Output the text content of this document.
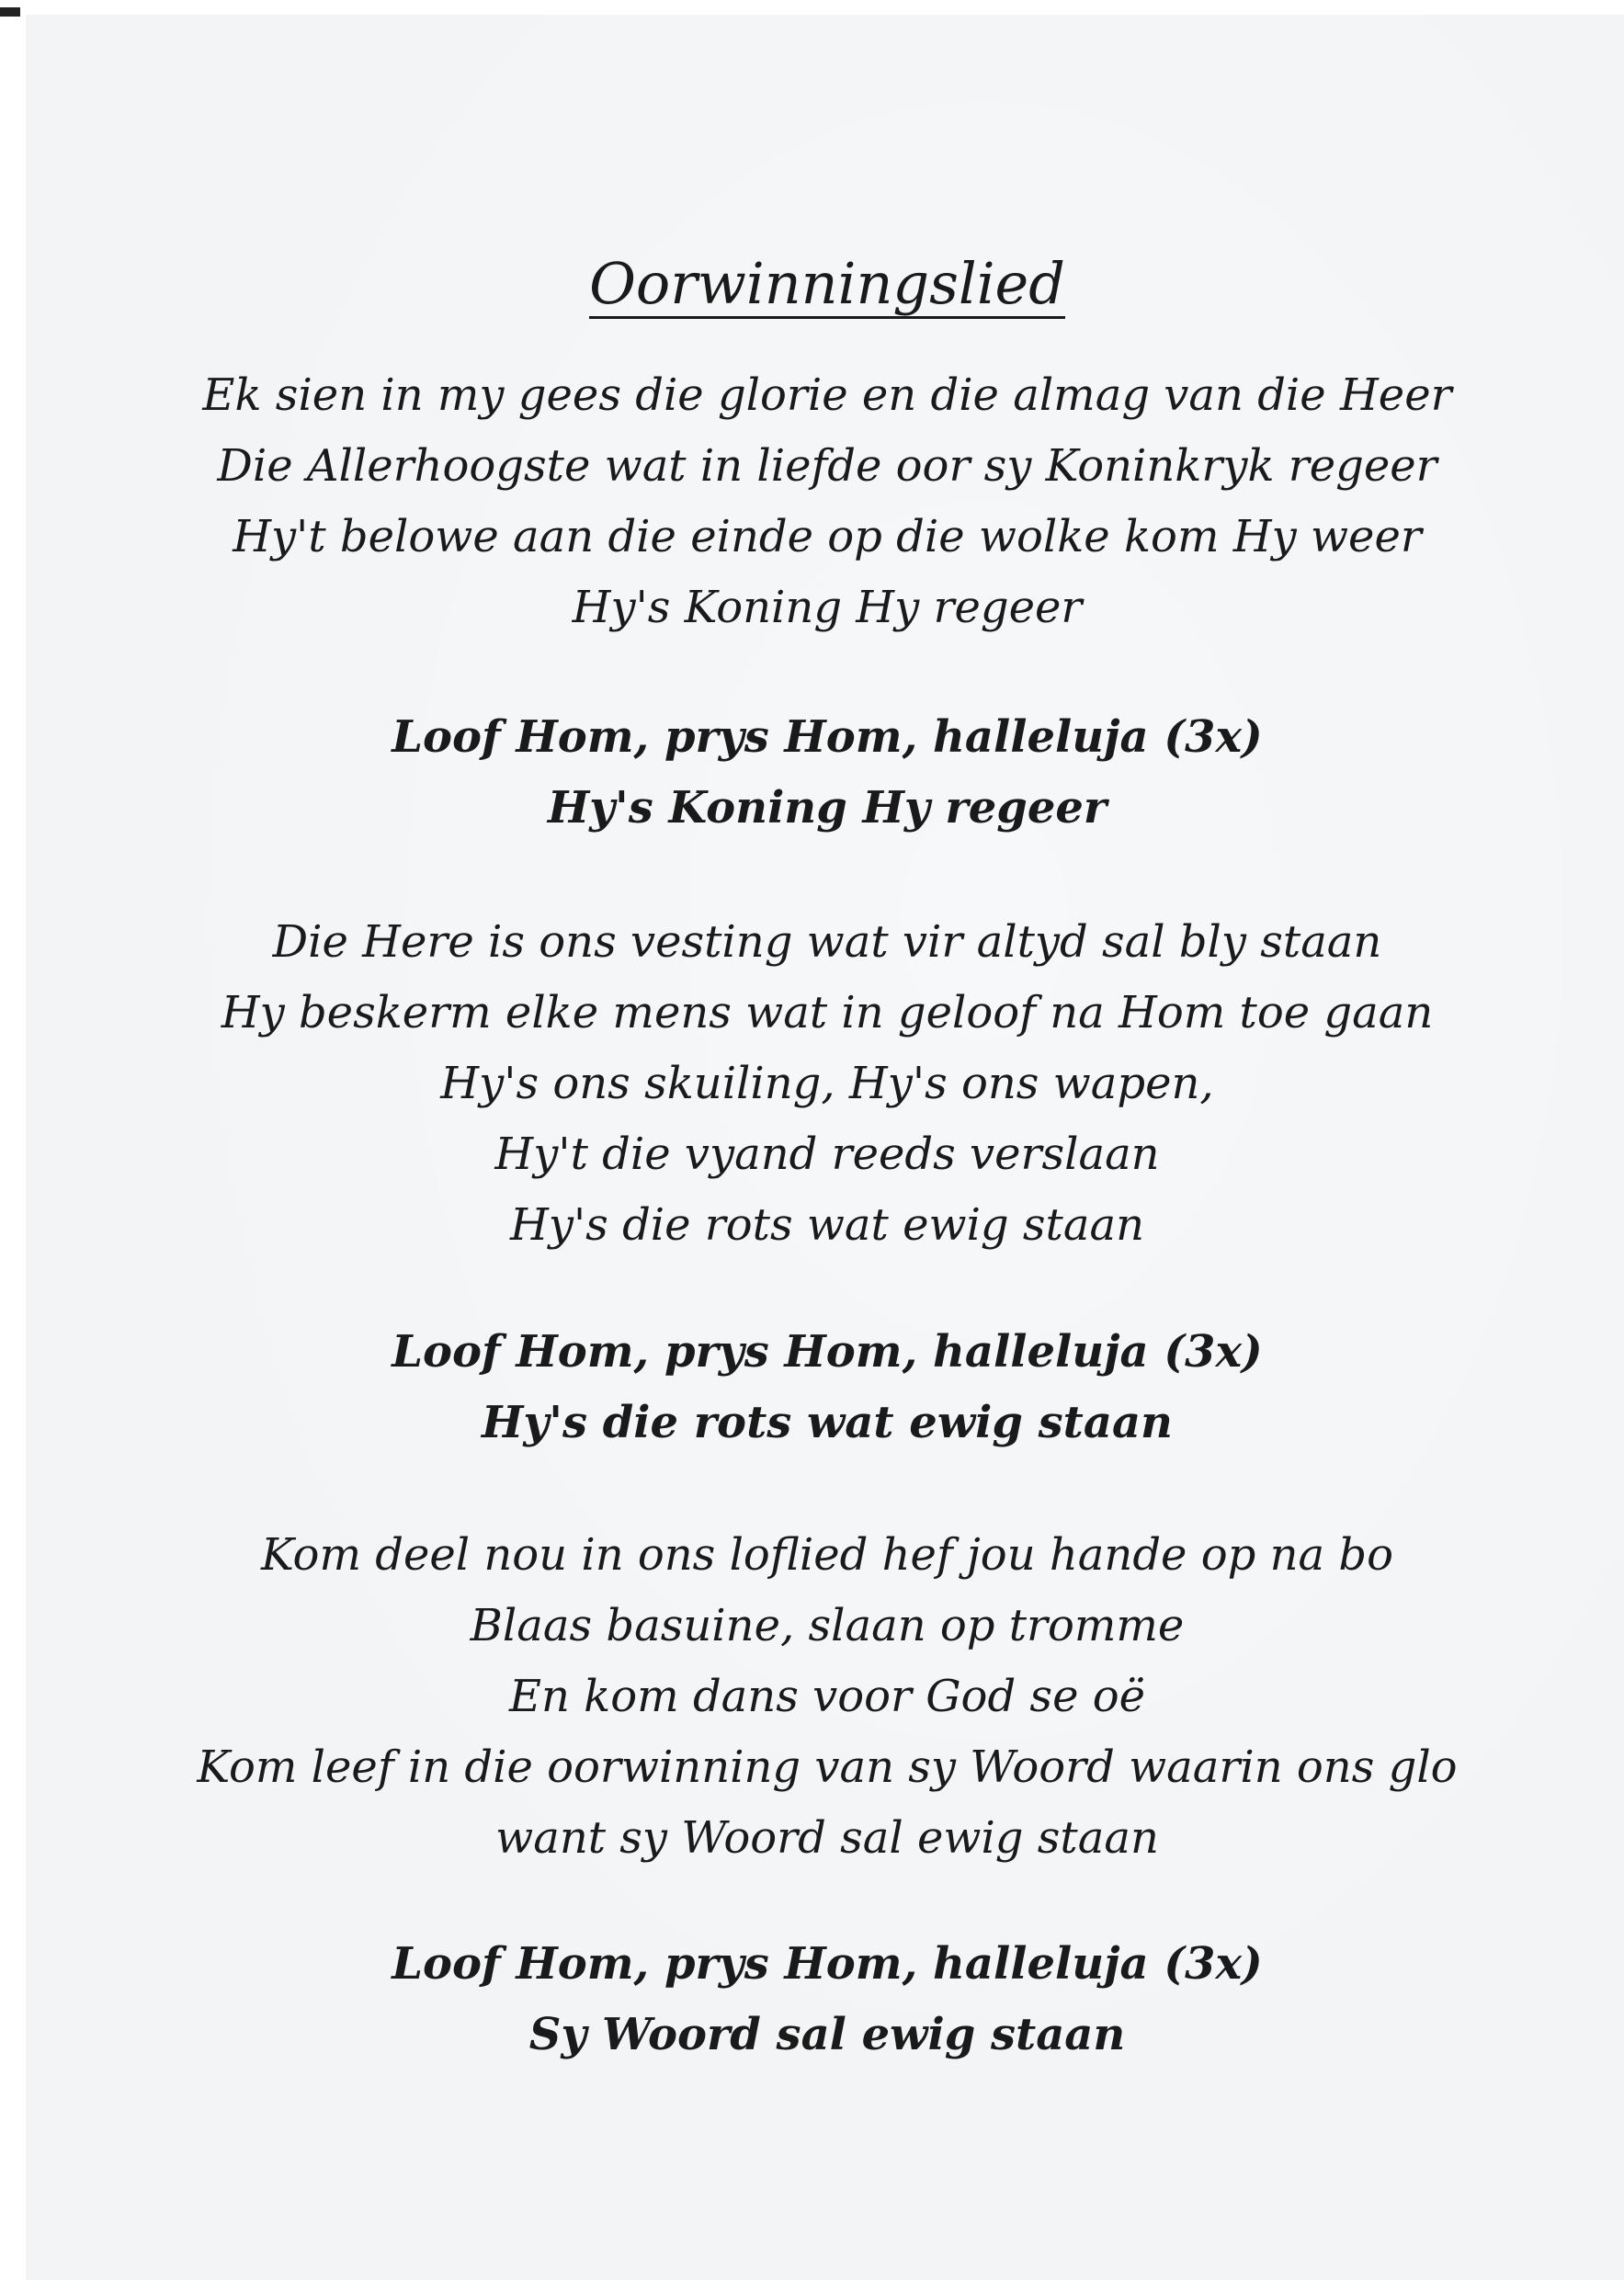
Oorwinningslied
Ek sien in my gees die glorie en die almag van die Heer
Die Allerhoogste wat in liefde oor sy Koninkryk regeer
Hy't belowe aan die einde op die wolke kom Hy weer
Hy's Koning Hy regeer
Loof Hom, prys Hom, halleluja (3x)
Hy's Koning Hy regeer
Die Here is ons vesting wat vir altyd sal bly staan
Hy beskerm elke mens wat in geloof na Hom toe gaan
Hy's ons skuiling, Hy's ons wapen,
Hy't die vyand reeds verslaan
Hy's die rots wat ewig staan
Loof Hom, prys Hom, halleluja (3x)
Hy's die rots wat ewig staan
Kom deel nou in ons loflied hef jou hande op na bo
Blaas basuine, slaan op tromme
En kom dans voor God se oë
Kom leef in die oorwinning van sy Woord waarin ons glo
want sy Woord sal ewig staan
Loof Hom, prys Hom, halleluja (3x)
Sy Woord sal ewig staan
